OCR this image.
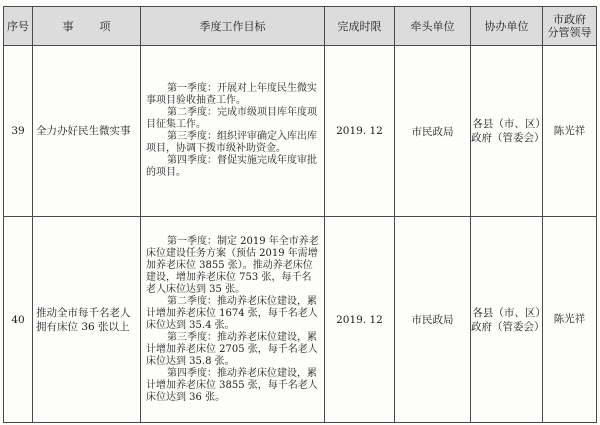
序号	事项	季度工作目标	完成时限	牵头单位	协办单位	市政府
分管领导

39	全力办好民生微实事	第一季度：开展对上年度民生微实事项目验收抽查工作。

第二季度：完成市级项目库年度项目征集工作。

第三季度：组织评审确定入库出库项目，协调下拨市级补助资金。

第四季度：督促实施完成年度审批的项目。	2019. 12	市民政局	各县（市、区）政府（管委会）	陈光祥
40	推动全市每千名老人拥有床位 36 张以上	第一季度：制定 2019 年全市养老床位建设任务方案（预估 2019 年需增加养老床位 3855 张）。推动养老床位建设，增加养老床位 753 张，每千名老人床位达到 35 张。

第二季度：推动养老床位建设，累计增加养老床位 1674 张，每千名老人床位达到 35.4 张。

第三季度：推动养老床位建设，累计增加养老床位 2705 张，每千名老人床位达到 35.8 张。

第四季度：推动养老床位建设，累计增加养老床位 3855 张，每千名老人床位达到 36 张。	2019. 12	市民政局	各县（市、区）政府（管委会）	陈光祥
